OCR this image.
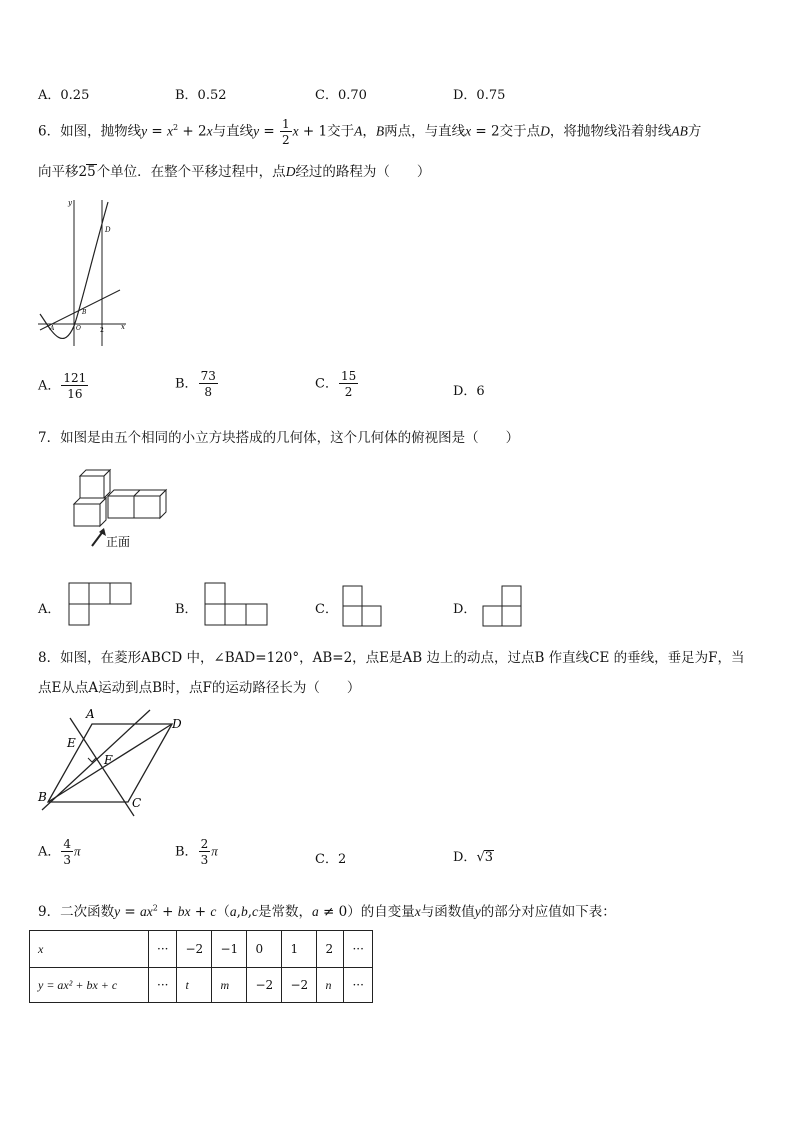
A．0.25	B．0.52	C．0.70	D．0.75
6．如图，抛物线$y = x^2 + 2x$与直线$y = \frac{1}{2}$ x + 1交于A，B两点，与直线x = 2交于点D，将抛物线沿着射线AB方
向平移25个单位．在整个平移过程中，点D经过的路程为（　　）
y
D
B
A	O	2 x
A． $\frac{121}{16}$	B． $\frac{73}{8}$	C． $\frac{15}{2}$	D．6
7．如图是由五个相同的小立方块搭成的几何体，这个几何体的俯视图是（　　）
正面
A．	B．	C．	D．
8．如图，在菱形ABCD 中，∠BAD=120°，AB=2，点E是AB 边上的动点，过点B 作直线CE 的垂线，垂足为F，当
点E从点A运动到点B时，点F的运动路径长为（　　）
A
D
E
F
B	C
A． $\frac{4}{3}$ π	B． $\frac{2}{3}$ π
C．2	D．√3
9．二次函数$y = ax^2$ + bx + c（a,b,c是常数，a ≠ 0）的自变量x与函数值y的部分对应值如下表：
x	···	−2	−1	0	1	2	···
y = ax² + bx + c	···	t	m	−2	−2	n	···
